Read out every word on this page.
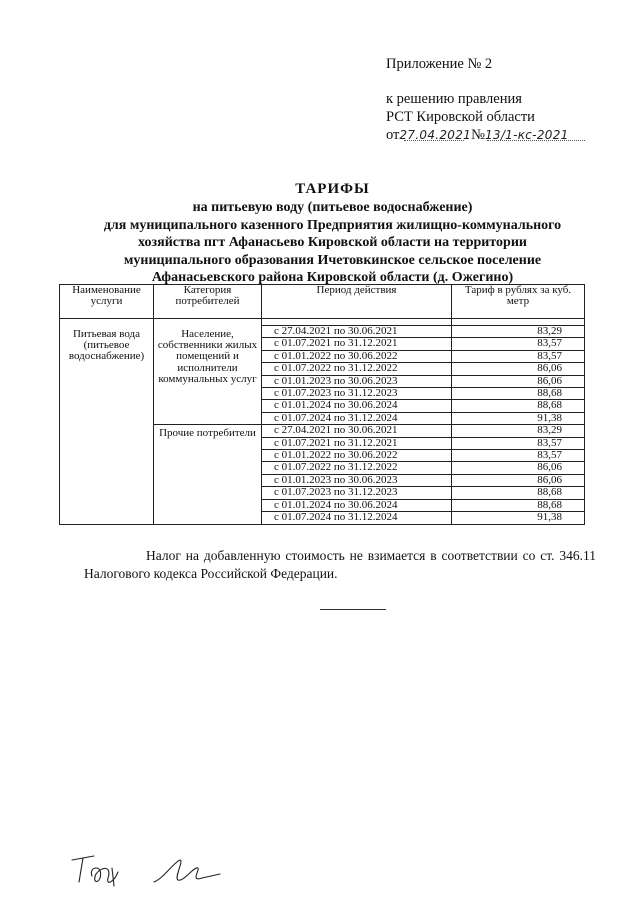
Приложение № 2
к решению правления
РСТ Кировской области
от27.04.2021№13/1-кс-2021
ТАРИФЫ
на питьевую воду (питьевое водоснабжение)
для муниципального казенного Предприятия жилищно-коммунального
хозяйства пгт Афанасьево Кировской области на территории
муниципального образования Ичетовкинское сельское поселение
Афанасьевского района Кировской области (д. Ожегино)
Наименование услуги	Категория потребителей	Период действия	Тариф в рублях за куб. метр

Питьевая вода (питьевое водоснабжение)	Население, собственники жилых помещений и исполнители коммунальных услуг	с 27.04.2021 по 30.06.2021	83,29
		с 01.07.2021 по 31.12.2021	83,57
		с 01.01.2022 по 30.06.2022	83,57
		с 01.07.2022 по 31.12.2022	86,06
		с 01.01.2023 по 30.06.2023	86,06
		с 01.07.2023 по 31.12.2023	88,68
		с 01.01.2024 по 30.06.2024	88,68
		с 01.07.2024 по 31.12.2024	91,38
	Прочие потребители	с 27.04.2021 по 30.06.2021	83,29
		с 01.07.2021 по 31.12.2021	83,57
		с 01.01.2022 по 30.06.2022	83,57
		с 01.07.2022 по 31.12.2022	86,06
		с 01.01.2023 по 30.06.2023	86,06
		с 01.07.2023 по 31.12.2023	88,68
		с 01.01.2024 по 30.06.2024	88,68
		с 01.07.2024 по 31.12.2024	91,38

Налог на добавленную стоимость не взимается в соответствии со ст. 346.11 Налогового кодекса Российской Федерации.
